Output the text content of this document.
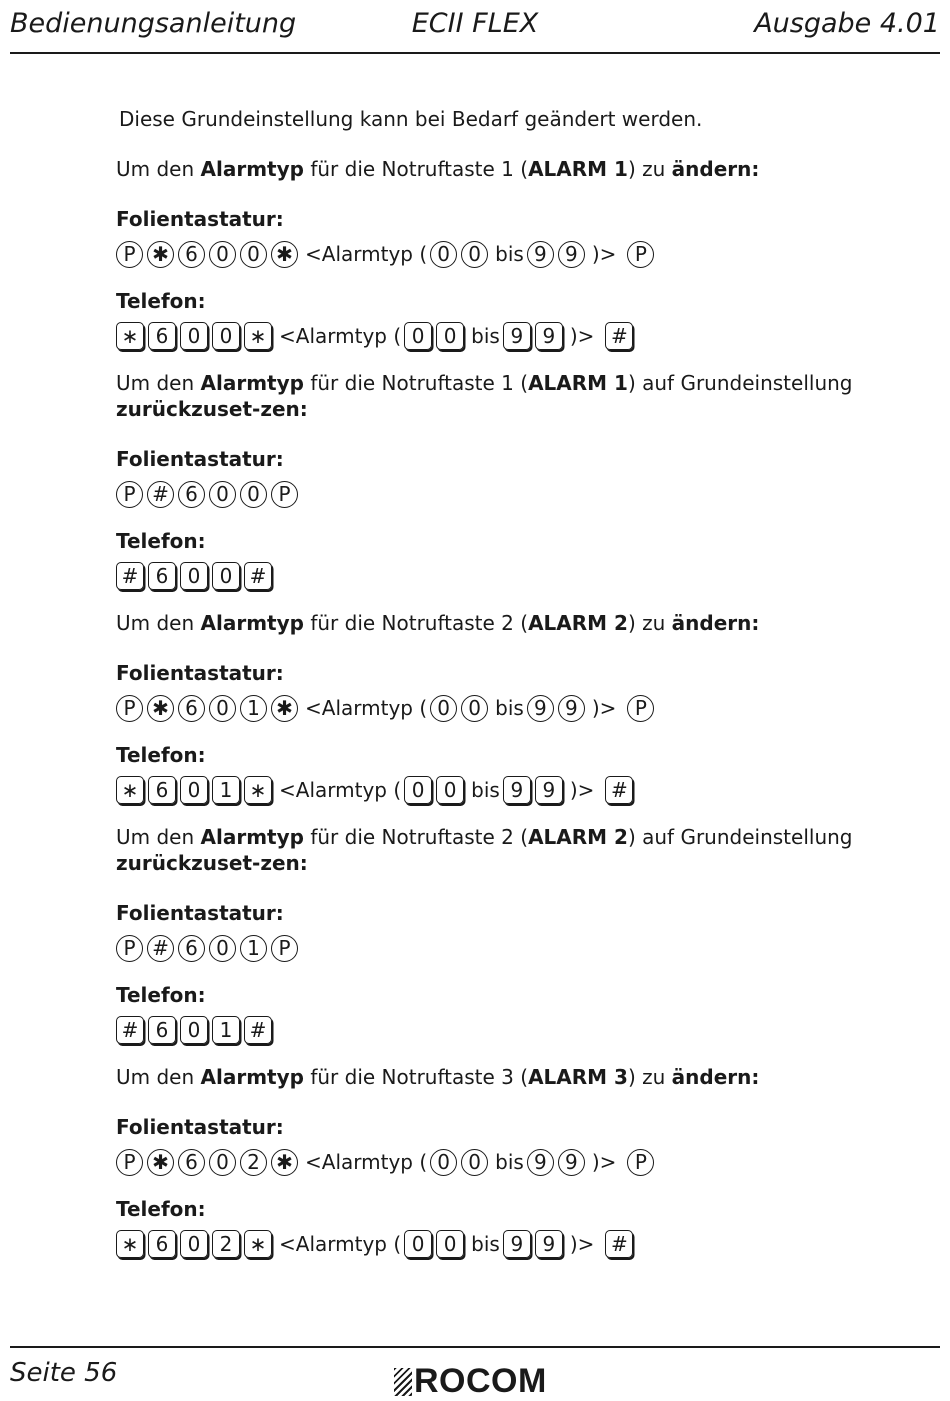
Bedienungsanleitung	ECII FLEX	Ausgabe 4.01

Diese Grundeinstellung kann bei Bedarf geändert werden.

Um den Alarmtyp für die Notruftaste 1 (ALARM 1) zu ändern:

Folientastatur:

P ✱ 6 0 0 ✱ <Alarmtyp ( 0 0 bis 9 9 )> P

Telefon:

∗ 6 0 0 ∗ <Alarmtyp ( 0 0 bis 9 9 )> #

Um den Alarmtyp für die Notruftaste 1 (ALARM 1) auf Grundeinstellung zurückzuset-zen:

Folientastatur:

P # 6 0 0 P

Telefon:

# 6 0 0 #

Um den Alarmtyp für die Notruftaste 2 (ALARM 2) zu ändern:

Folientastatur:

P ✱ 6 0 1 ✱ <Alarmtyp ( 0 0 bis 9 9 )> P

Telefon:

∗ 6 0 1 ∗ <Alarmtyp ( 0 0 bis 9 9 )> #

Um den Alarmtyp für die Notruftaste 2 (ALARM 2) auf Grundeinstellung zurückzuset-zen:

Folientastatur:

P # 6 0 1 P

Telefon:

# 6 0 1 #

Um den Alarmtyp für die Notruftaste 3 (ALARM 3) zu ändern:

Folientastatur:

P ✱ 6 0 2 ✱ <Alarmtyp ( 0 0 bis 9 9 )> P

Telefon:

∗ 6 0 2 ∗ <Alarmtyp ( 0 0 bis 9 9 )> #
Seite 56	ROCOM
